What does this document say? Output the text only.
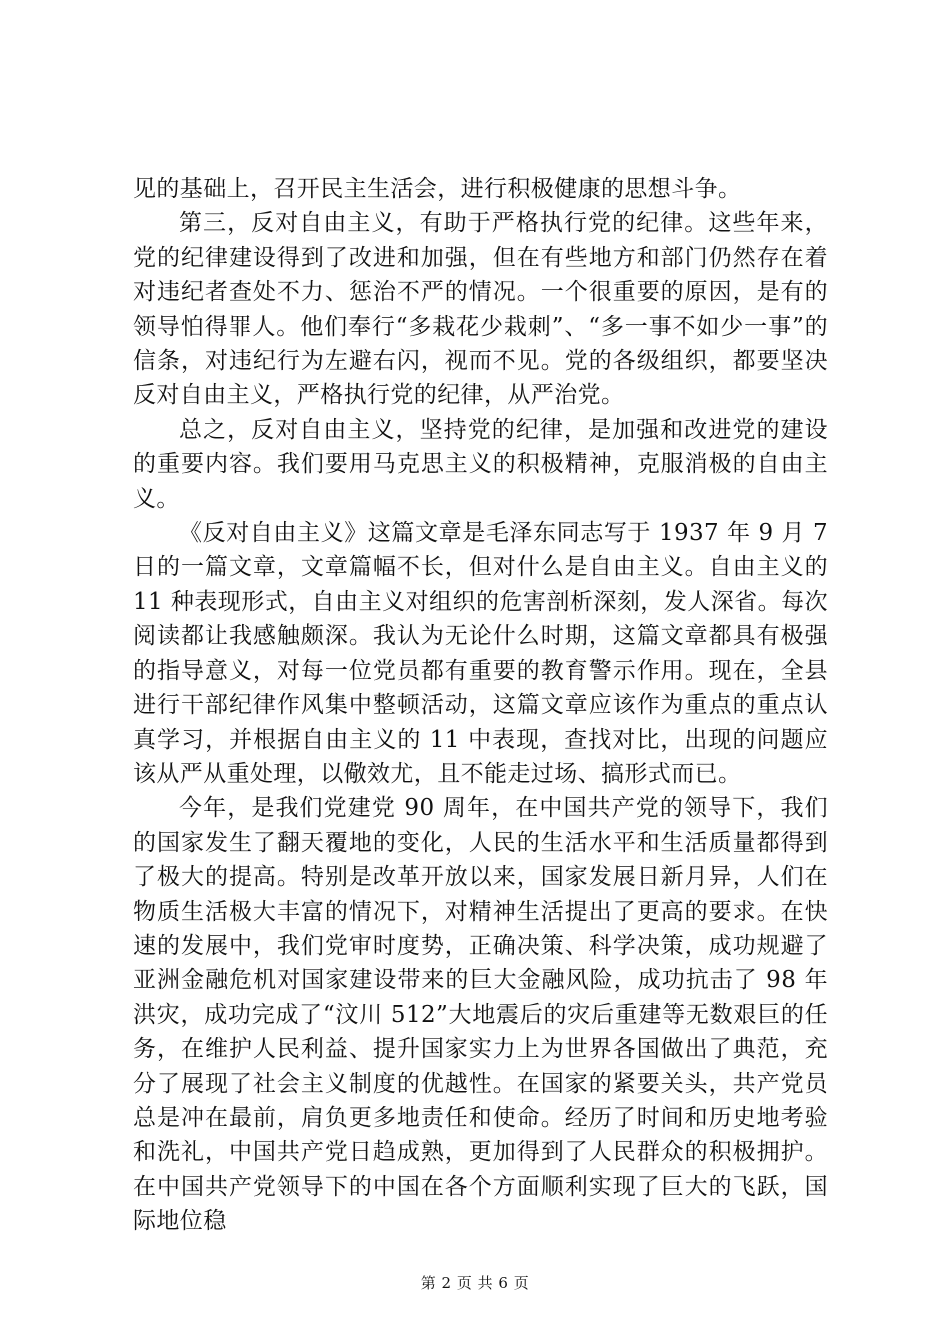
见的基础上，召开民主生活会，进行积极健康的思想斗争。

第三，反对自由主义，有助于严格执行党的纪律。这些年来，党的纪律建设得到了改进和加强，但在有些地方和部门仍然存在着对违纪者查处不力、惩治不严的情况。一个很重要的原因，是有的领导怕得罪人。他们奉行“多栽花少栽刺”、“多一事不如少一事”的信条，对违纪行为左避右闪，视而不见。党的各级组织，都要坚决反对自由主义，严格执行党的纪律，从严治党。

总之，反对自由主义，坚持党的纪律，是加强和改进党的建设的重要内容。我们要用马克思主义的积极精神，克服消极的自由主义。

《反对自由主义》这篇文章是毛泽东同志写于 1937 年 9 月 7 日的一篇文章，文章篇幅不长，但对什么是自由主义。自由主义的 11 种表现形式，自由主义对组织的危害剖析深刻，发人深省。每次阅读都让我感触颇深。我认为无论什么时期，这篇文章都具有极强的指导意义，对每一位党员都有重要的教育警示作用。现在，全县进行干部纪律作风集中整顿活动，这篇文章应该作为重点的重点认真学习，并根据自由主义的 11 中表现，查找对比，出现的问题应该从严从重处理，以儆效尤，且不能走过场、搞形式而已。

今年，是我们党建党 90 周年，在中国共产党的领导下，我们的国家发生了翻天覆地的变化，人民的生活水平和生活质量都得到了极大的提高。特别是改革开放以来，国家发展日新月异，人们在物质生活极大丰富的情况下，对精神生活提出了更高的要求。在快速的发展中，我们党审时度势，正确决策、科学决策，成功规避了亚洲金融危机对国家建设带来的巨大金融风险，成功抗击了 98 年洪灾，成功完成了“汶川 512”大地震后的灾后重建等无数艰巨的任务，在维护人民利益、提升国家实力上为世界各国做出了典范，充分了展现了社会主义制度的优越性。在国家的紧要关头，共产党员总是冲在最前，肩负更多地责任和使命。经历了时间和历史地考验和洗礼，中国共产党日趋成熟，更加得到了人民群众的积极拥护。在中国共产党领导下的中国在各个方面顺利实现了巨大的飞跃，国际地位稳

第 2 页 共 6 页
